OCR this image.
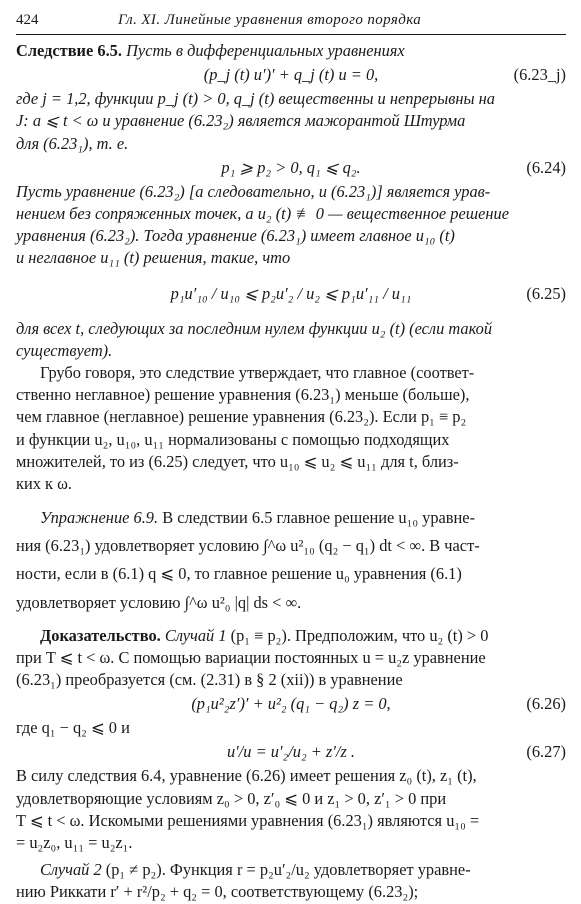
424	Гл. XI. Линейные уравнения второго порядка

Следствие 6.5. Пусть в дифференциальных уравнениях

(p_j (t) u′)′ + q_j (t) u = 0,	(6.23_j)

где j = 1,2, функции p_j (t) > 0, q_j (t) вещественны и непрерывны на
J: a ⩽ t < ω и уравнение (6.23₂) является мажорантой Штурма
для (6.23₁), т. е.

p₁ ⩾ p₂ > 0, q₁ ⩽ q₂.	(6.24)

Пусть уравнение (6.23₂) [а следовательно, и (6.23₁)] является урав-
нением без сопряженных точек, а u₂ (t) ≢ 0 — вещественное решение
уравнения (6.23₂). Тогда уравнение (6.23₁) имеет главное u₁₀ (t)
и неглавное u₁₁ (t) решения, такие, что

p₁u′₁₀ / u₁₀ ⩽ p₂u′₂ / u₂ ⩽ p₁u′₁₁ / u₁₁	(6.25)

для всех t, следующих за последним нулем функции u₂ (t) (если такой
существует).

Грубо говоря, это следствие утверждает, что главное (соответ-
ственно неглавное) решение уравнения (6.23₁) меньше (больше),
чем главное (неглавное) решение уравнения (6.23₂). Если p₁ ≡ p₂
и функции u₂, u₁₀, u₁₁ нормализованы с помощью подходящих
множителей, то из (6.25) следует, что u₁₀ ⩽ u₂ ⩽ u₁₁ для t, близ-
ких к ω.

Упражнение 6.9. В следствии 6.5 главное решение u₁₀ уравне-

ния (6.23₁) удовлетворяет условию ∫^ω u²₁₀ (q₂ − q₁) dt < ∞. В част-

ности, если в (6.1) q ⩽ 0, то главное решение u₀ уравнения (6.1)

удовлетворяет условию ∫^ω u²₀ |q| ds < ∞.

Доказательство. Случай 1 (p₁ ≡ p₂). Предположим, что u₂ (t) > 0
при T ⩽ t < ω. С помощью вариации постоянных u = u₂z уравнение
(6.23₁) преобразуется (см. (2.31) в § 2 (xii)) в уравнение

(p₁u²₂z′)′ + u²₂ (q₁ − q₂) z = 0,	(6.26)

где q₁ − q₂ ⩽ 0 и

u′/u = u′₂/u₂ + z′/z .	(6.27)

В силу следствия 6.4, уравнение (6.26) имеет решения z₀ (t), z₁ (t),
удовлетворяющие условиям z₀ > 0, z′₀ ⩽ 0 и z₁ > 0, z′₁ > 0 при
T ⩽ t < ω. Искомыми решениями уравнения (6.23₁) являются u₁₀ =
= u₂z₀, u₁₁ = u₂z₁.

Случай 2 (p₁ ≠ p₂). Функция r = p₂u′₂/u₂ удовлетворяет уравне-
нию Риккати r′ + r²/p₂ + q₂ = 0, соответствующему (6.23₂);
